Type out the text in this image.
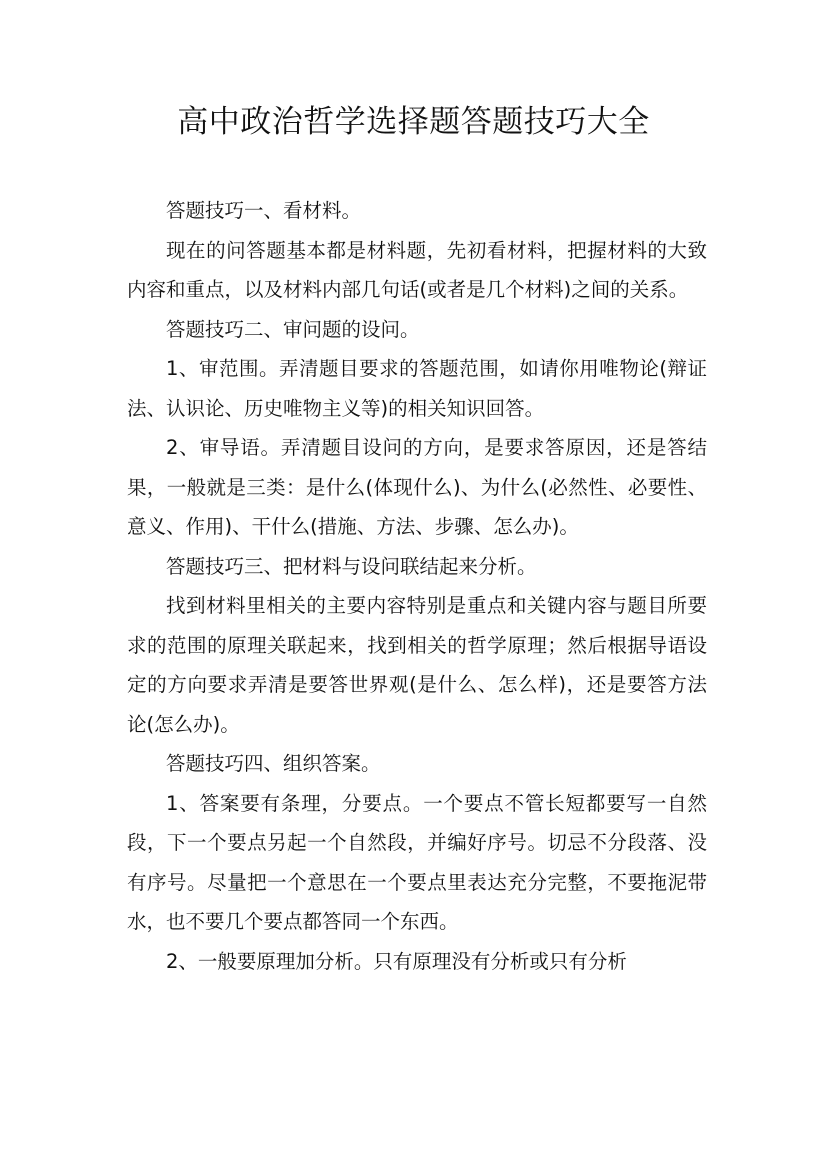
高中政治哲学选择题答题技巧大全

答题技巧一、看材料。

现在的问答题基本都是材料题，先初看材料，把握材料的大致内容和重点，以及材料内部几句话(或者是几个材料)之间的关系。

答题技巧二、审问题的设问。

1、审范围。弄清题目要求的答题范围，如请你用唯物论(辩证法、认识论、历史唯物主义等)的相关知识回答。

2、审导语。弄清题目设问的方向，是要求答原因，还是答结果，一般就是三类：是什么(体现什么)、为什么(必然性、必要性、意义、作用)、干什么(措施、方法、步骤、怎么办)。

答题技巧三、把材料与设问联结起来分析。

找到材料里相关的主要内容特别是重点和关键内容与题目所要求的范围的原理关联起来，找到相关的哲学原理；然后根据导语设定的方向要求弄清是要答世界观(是什么、怎么样)，还是要答方法论(怎么办)。

答题技巧四、组织答案。

1、答案要有条理，分要点。一个要点不管长短都要写一自然段，下一个要点另起一个自然段，并编好序号。切忌不分段落、没有序号。尽量把一个意思在一个要点里表达充分完整，不要拖泥带水，也不要几个要点都答同一个东西。

2、一般要原理加分析。只有原理没有分析或只有分析
